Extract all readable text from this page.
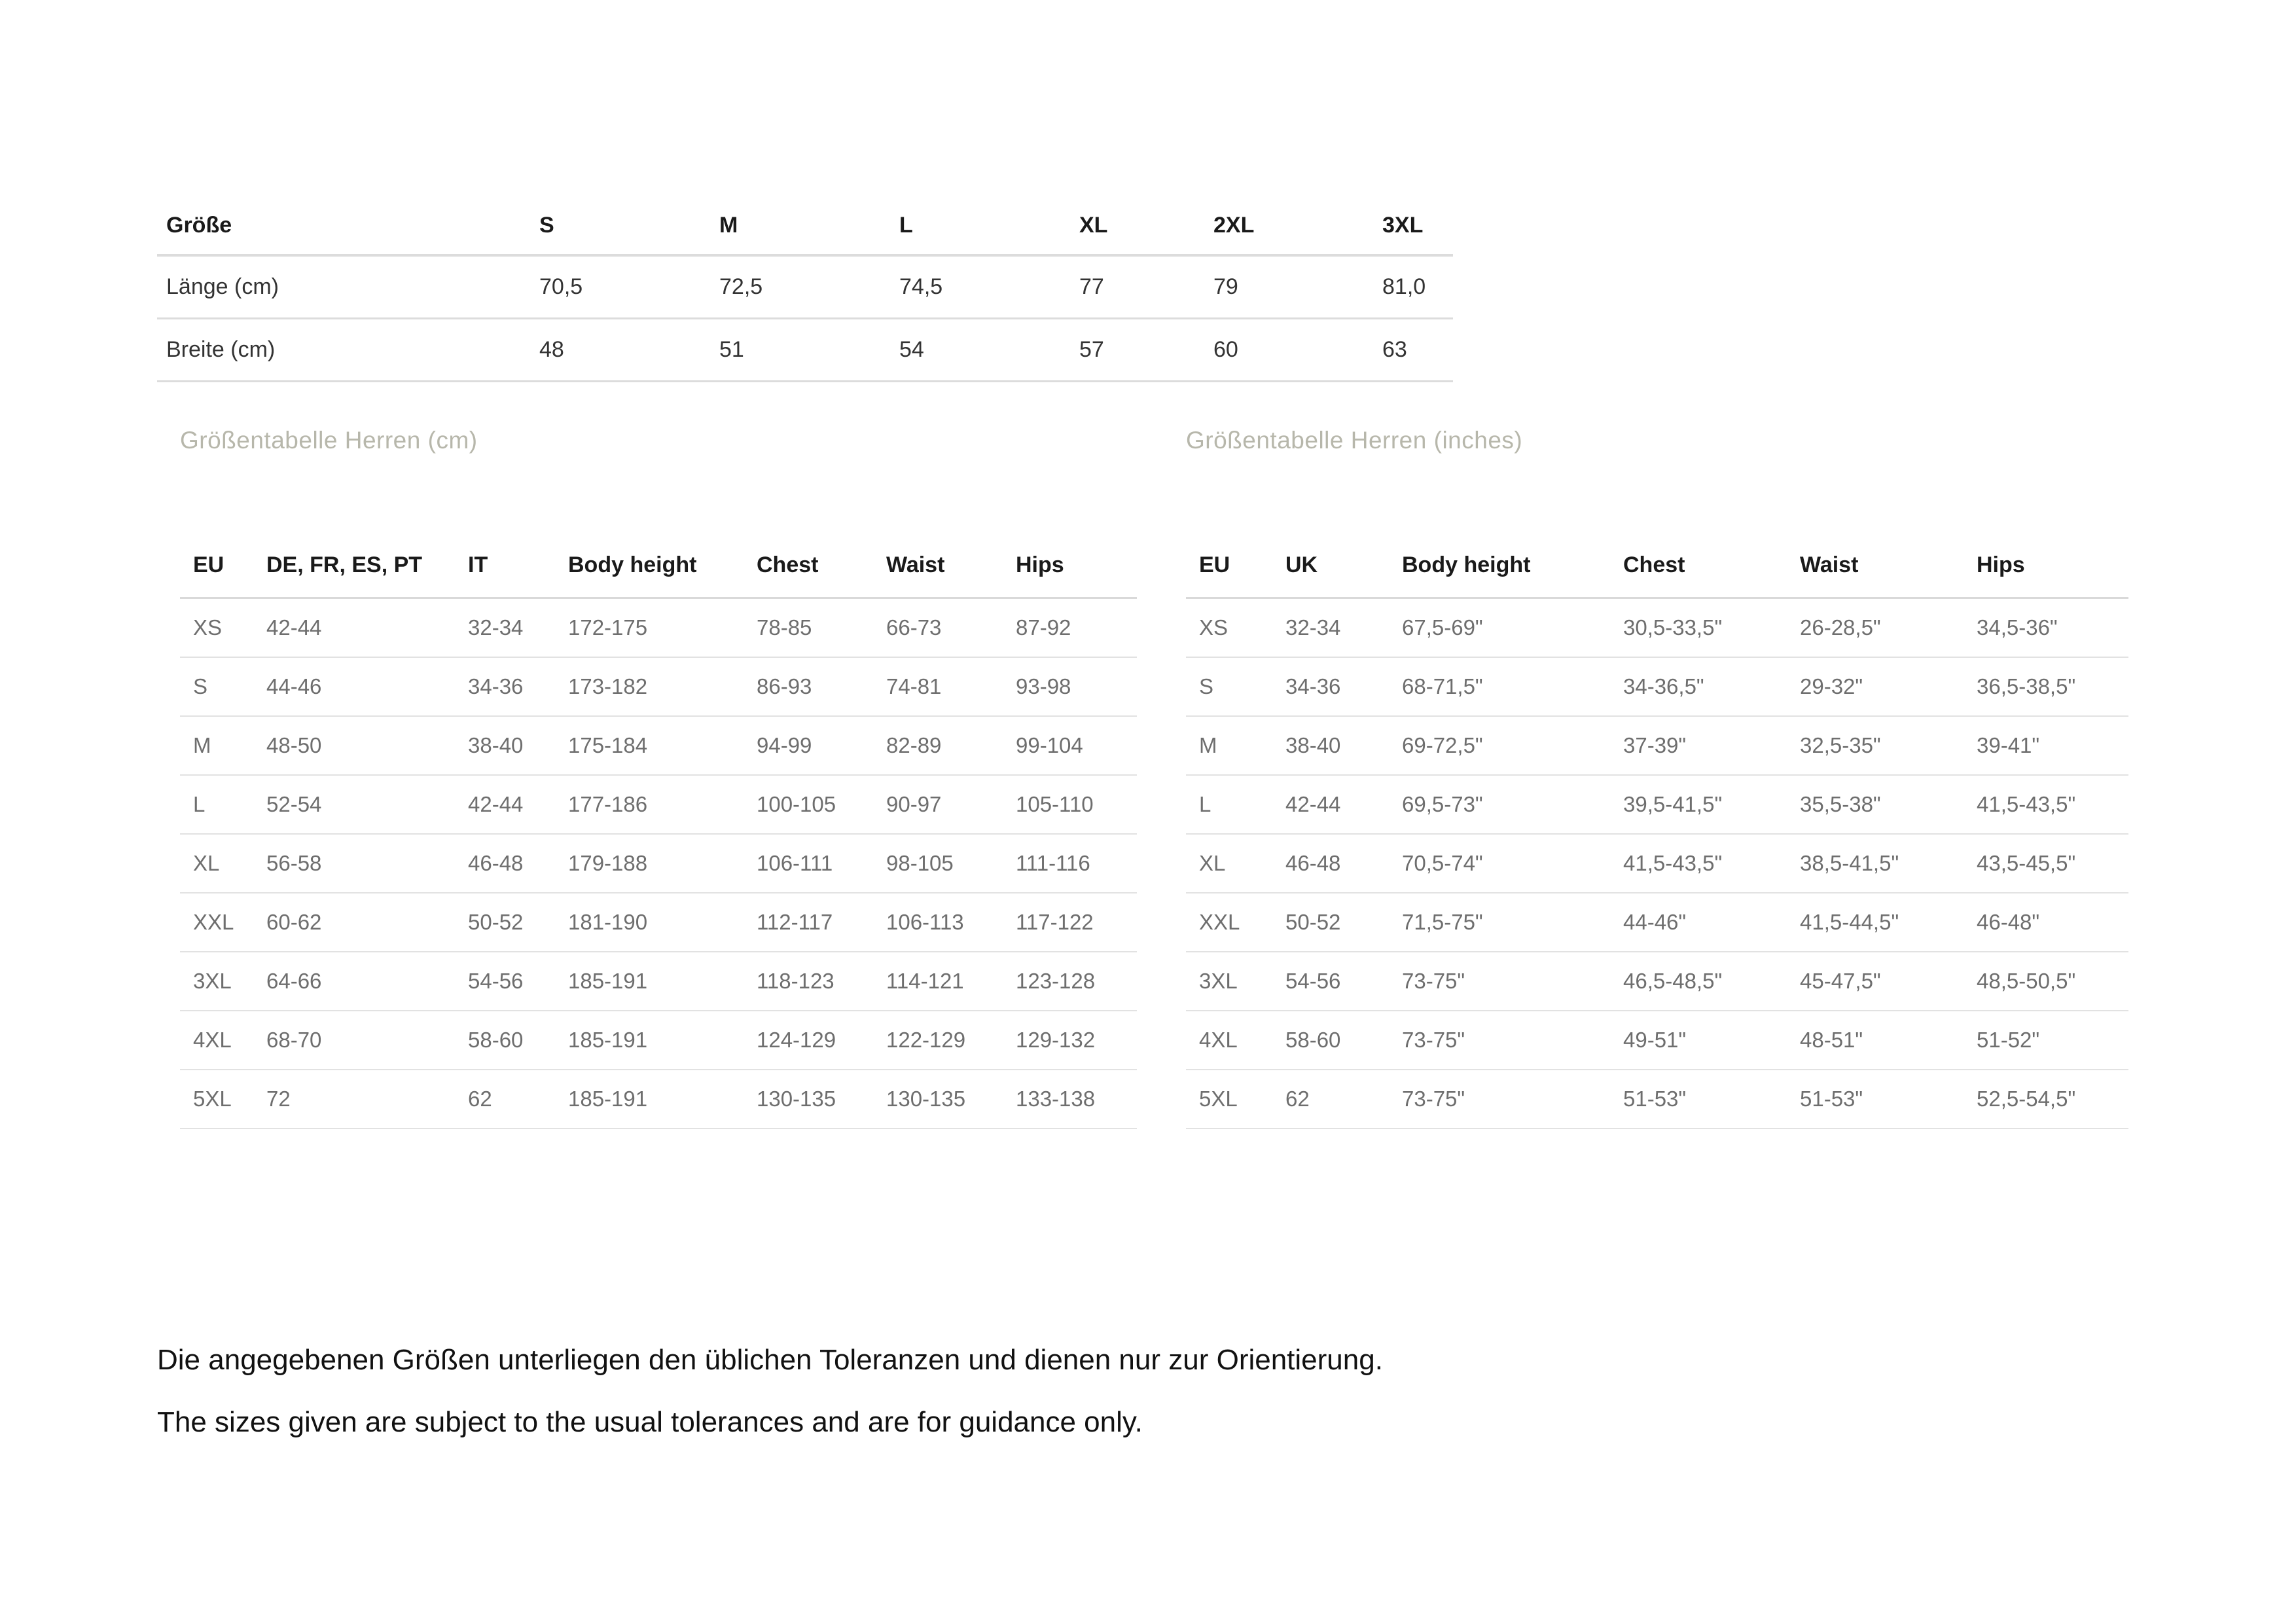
Größe	S	M	L	XL	2XL	3XL
Länge (cm)	70,5	72,5	74,5	77	79	81,0
Breite (cm)	48	51	54	57	60	63
Größentabelle Herren (cm)	Größentabelle Herren (inches)
EU	DE, FR, ES, PT	IT	Body height	Chest	Waist	Hips
XS	42-44	32-34	172-175	78-85	66-73	87-92
S	44-46	34-36	173-182	86-93	74-81	93-98
M	48-50	38-40	175-184	94-99	82-89	99-104
L	52-54	42-44	177-186	100-105	90-97	105-110
XL	56-58	46-48	179-188	106-111	98-105	111-116
XXL	60-62	50-52	181-190	112-117	106-113	117-122
3XL	64-66	54-56	185-191	118-123	114-121	123-128
4XL	68-70	58-60	185-191	124-129	122-129	129-132
5XL	72	62	185-191	130-135	130-135	133-138
EU	UK	Body height	Chest	Waist	Hips
XS	32-34	67,5-69"	30,5-33,5"	26-28,5"	34,5-36"
S	34-36	68-71,5"	34-36,5"	29-32"	36,5-38,5"
M	38-40	69-72,5"	37-39"	32,5-35"	39-41"
L	42-44	69,5-73"	39,5-41,5"	35,5-38"	41,5-43,5"
XL	46-48	70,5-74"	41,5-43,5"	38,5-41,5"	43,5-45,5"
XXL	50-52	71,5-75"	44-46"	41,5-44,5"	46-48"
3XL	54-56	73-75"	46,5-48,5"	45-47,5"	48,5-50,5"
4XL	58-60	73-75"	49-51"	48-51"	51-52"
5XL	62	73-75"	51-53"	51-53"	52,5-54,5"
Die angegebenen Größen unterliegen den üblichen Toleranzen und dienen nur zur Orientierung.
The sizes given are subject to the usual tolerances and are for guidance only.
